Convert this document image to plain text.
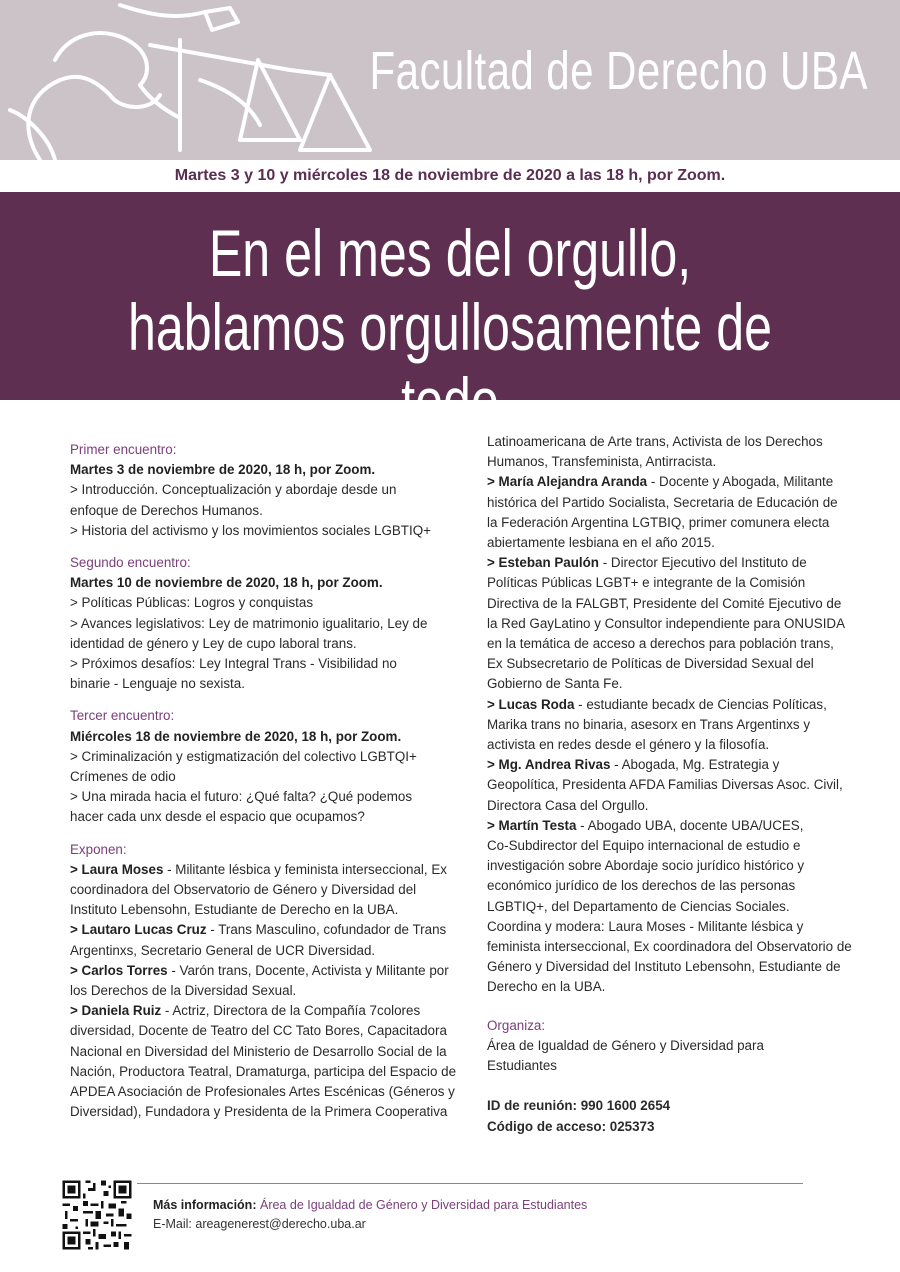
Facultad de Derecho UBA
Martes 3 y 10 y miércoles 18 de noviembre de 2020 a las 18 h, por Zoom.
En el mes del orgullo,
hablamos orgullosamente de todo
Primer encuentro:
Martes 3 de noviembre de 2020, 18 h, por Zoom.
> Introducción. Conceptualización y abordaje desde un
enfoque de Derechos Humanos.
> Historia del activismo y los movimientos sociales LGBTIQ+
Segundo encuentro:
Martes 10 de noviembre de 2020, 18 h, por Zoom.
> Políticas Públicas: Logros y conquistas
> Avances legislativos: Ley de matrimonio igualitario, Ley de
identidad de género y Ley de cupo laboral trans.
> Próximos desafíos: Ley Integral Trans - Visibilidad no
binarie - Lenguaje no sexista.
Tercer encuentro:
Miércoles 18 de noviembre de 2020, 18 h, por Zoom.
> Criminalización y estigmatización del colectivo LGBTQI+
Crímenes de odio
> Una mirada hacia el futuro: ¿Qué falta? ¿Qué podemos
hacer cada unx desde el espacio que ocupamos?
Exponen:
> Laura Moses - Militante lésbica y feminista interseccional, Ex
coordinadora del Observatorio de Género y Diversidad del
Instituto Lebensohn, Estudiante de Derecho en la UBA.
> Lautaro Lucas Cruz - Trans Masculino, cofundador de Trans
Argentinxs, Secretario General de UCR Diversidad.
> Carlos Torres - Varón trans, Docente, Activista y Militante por
los Derechos de la Diversidad Sexual.
> Daniela Ruiz - Actriz, Directora de la Compañía 7colores
diversidad, Docente de Teatro del CC Tato Bores, Capacitadora
Nacional en Diversidad del Ministerio de Desarrollo Social de la
Nación, Productora Teatral, Dramaturga, participa del Espacio de
APDEA Asociación de Profesionales Artes Escénicas (Géneros y
Diversidad), Fundadora y Presidenta de la Primera Cooperativa
Latinoamericana de Arte trans, Activista de los Derechos
Humanos, Transfeminista, Antirracista.
> María Alejandra Aranda - Docente y Abogada, Militante
histórica del Partido Socialista, Secretaria de Educación de
la Federación Argentina LGTBIQ, primer comunera electa
abiertamente lesbiana en el año 2015.
> Esteban Paulón - Director Ejecutivo del Instituto de
Políticas Públicas LGBT+ e integrante de la Comisión
Directiva de la FALGBT, Presidente del Comité Ejecutivo de
la Red GayLatino y Consultor independiente para ONUSIDA
en la temática de acceso a derechos para población trans,
Ex Subsecretario de Políticas de Diversidad Sexual del
Gobierno de Santa Fe.
> Lucas Roda - estudiante becadx de Ciencias Políticas,
Marika trans no binaria, asesorx en Trans Argentinxs y
activista en redes desde el género y la filosofía.
> Mg. Andrea Rivas - Abogada, Mg. Estrategia y
Geopolítica, Presidenta AFDA Familias Diversas Asoc. Civil,
Directora Casa del Orgullo.
> Martín Testa - Abogado UBA, docente UBA/UCES,
Co-Subdirector del Equipo internacional de estudio e
investigación sobre Abordaje socio jurídico histórico y
económico jurídico de los derechos de las personas
LGBTIQ+, del Departamento de Ciencias Sociales.
Coordina y modera: Laura Moses - Militante lésbica y
feminista interseccional, Ex coordinadora del Observatorio de
Género y Diversidad del Instituto Lebensohn, Estudiante de
Derecho en la UBA.
Organiza:
Área de Igualdad de Género y Diversidad para
Estudiantes
ID de reunión: 990 1600 2654
Código de acceso: 025373
Más información: Área de Igualdad de Género y Diversidad para Estudiantes
E-Mail: areagenerest@derecho.uba.ar
